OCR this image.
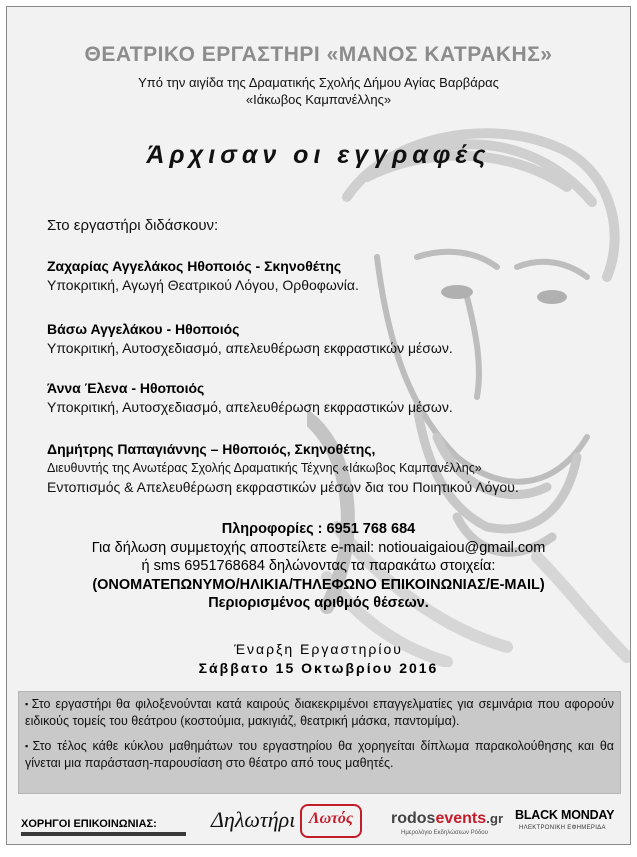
ΘΕΑΤΡΙΚΟ ΕΡΓΑΣΤΗΡΙ «ΜΑΝΟΣ ΚΑΤΡΑΚΗΣ»
Υπό την αιγίδα της Δραματικής Σχολής Δήμου Αγίας Βαρβάρας
«Ιάκωβος Καμπανέλλης»
Άρχισαν οι εγγραφές
Στο εργαστήρι διδάσκουν:
Ζαχαρίας Αγγελάκος Ηθοποιός - Σκηνοθέτης
Υποκριτική, Αγωγή Θεατρικού Λόγου, Ορθοφωνία.
Βάσω Αγγελάκου - Ηθοποιός
Υποκριτική, Αυτοσχεδιασμό, απελευθέρωση εκφραστικών μέσων.
Άννα Έλενα - Ηθοποιός
Υποκριτική, Αυτοσχεδιασμό, απελευθέρωση εκφραστικών μέσων.
Δημήτρης Παπαγιάννης – Ηθοποιός, Σκηνοθέτης,
Διευθυντής της Ανωτέρας Σχολής Δραματικής Τέχνης «Ιάκωβος Καμπανέλλης»
Εντοπισμός & Απελευθέρωση εκφραστικών μέσων δια του Ποιητικού Λόγου.
Πληροφορίες : 6951 768 684
Για δήλωση συμμετοχής αποστείλετε e-mail: notiouaigaiou@gmail.com
ή sms 6951768684 δηλώνοντας τα παρακάτω στοιχεία:
(ΟΝΟΜΑΤΕΠΩΝΥΜΟ/ΗΛΙΚΙΑ/ΤΗΛΕΦΩΝΟ ΕΠΙΚΟΙΝΩΝΙΑΣ/E-MAIL)
Περιορισμένος αριθμός θέσεων.
Έναρξη Εργαστηρίου
Σάββατο 15 Οκτωβρίου 2016

▪ Στο εργαστήρι θα φιλοξενούνται κατά καιρούς διακεκριμένοι επαγγελματίες για σεμινάρια που αφορούν ειδικούς τομείς του θεάτρου (κοστούμια, μακιγιάζ, θεατρική μάσκα, παντομίμα).

▪ Στο τέλος κάθε κύκλου μαθημάτων του εργαστηρίου θα χορηγείται δίπλωμα παρακολούθησης και θα γίνεται μια παράσταση-παρουσίαση στο θέατρο από τους μαθητές.

ΧΟΡΗΓΟΙ ΕΠΙΚΟΙΝΩΝΙΑΣ: Δηλωτήρι Λωτός	rodosevents.gr
Ημερολόγιο Εκδηλώσεων Ρόδου
BLACK MONDAY
ΗΛΕΚΤΡΟΝΙΚΗ ΕΦΗΜΕΡΙΔΑ
